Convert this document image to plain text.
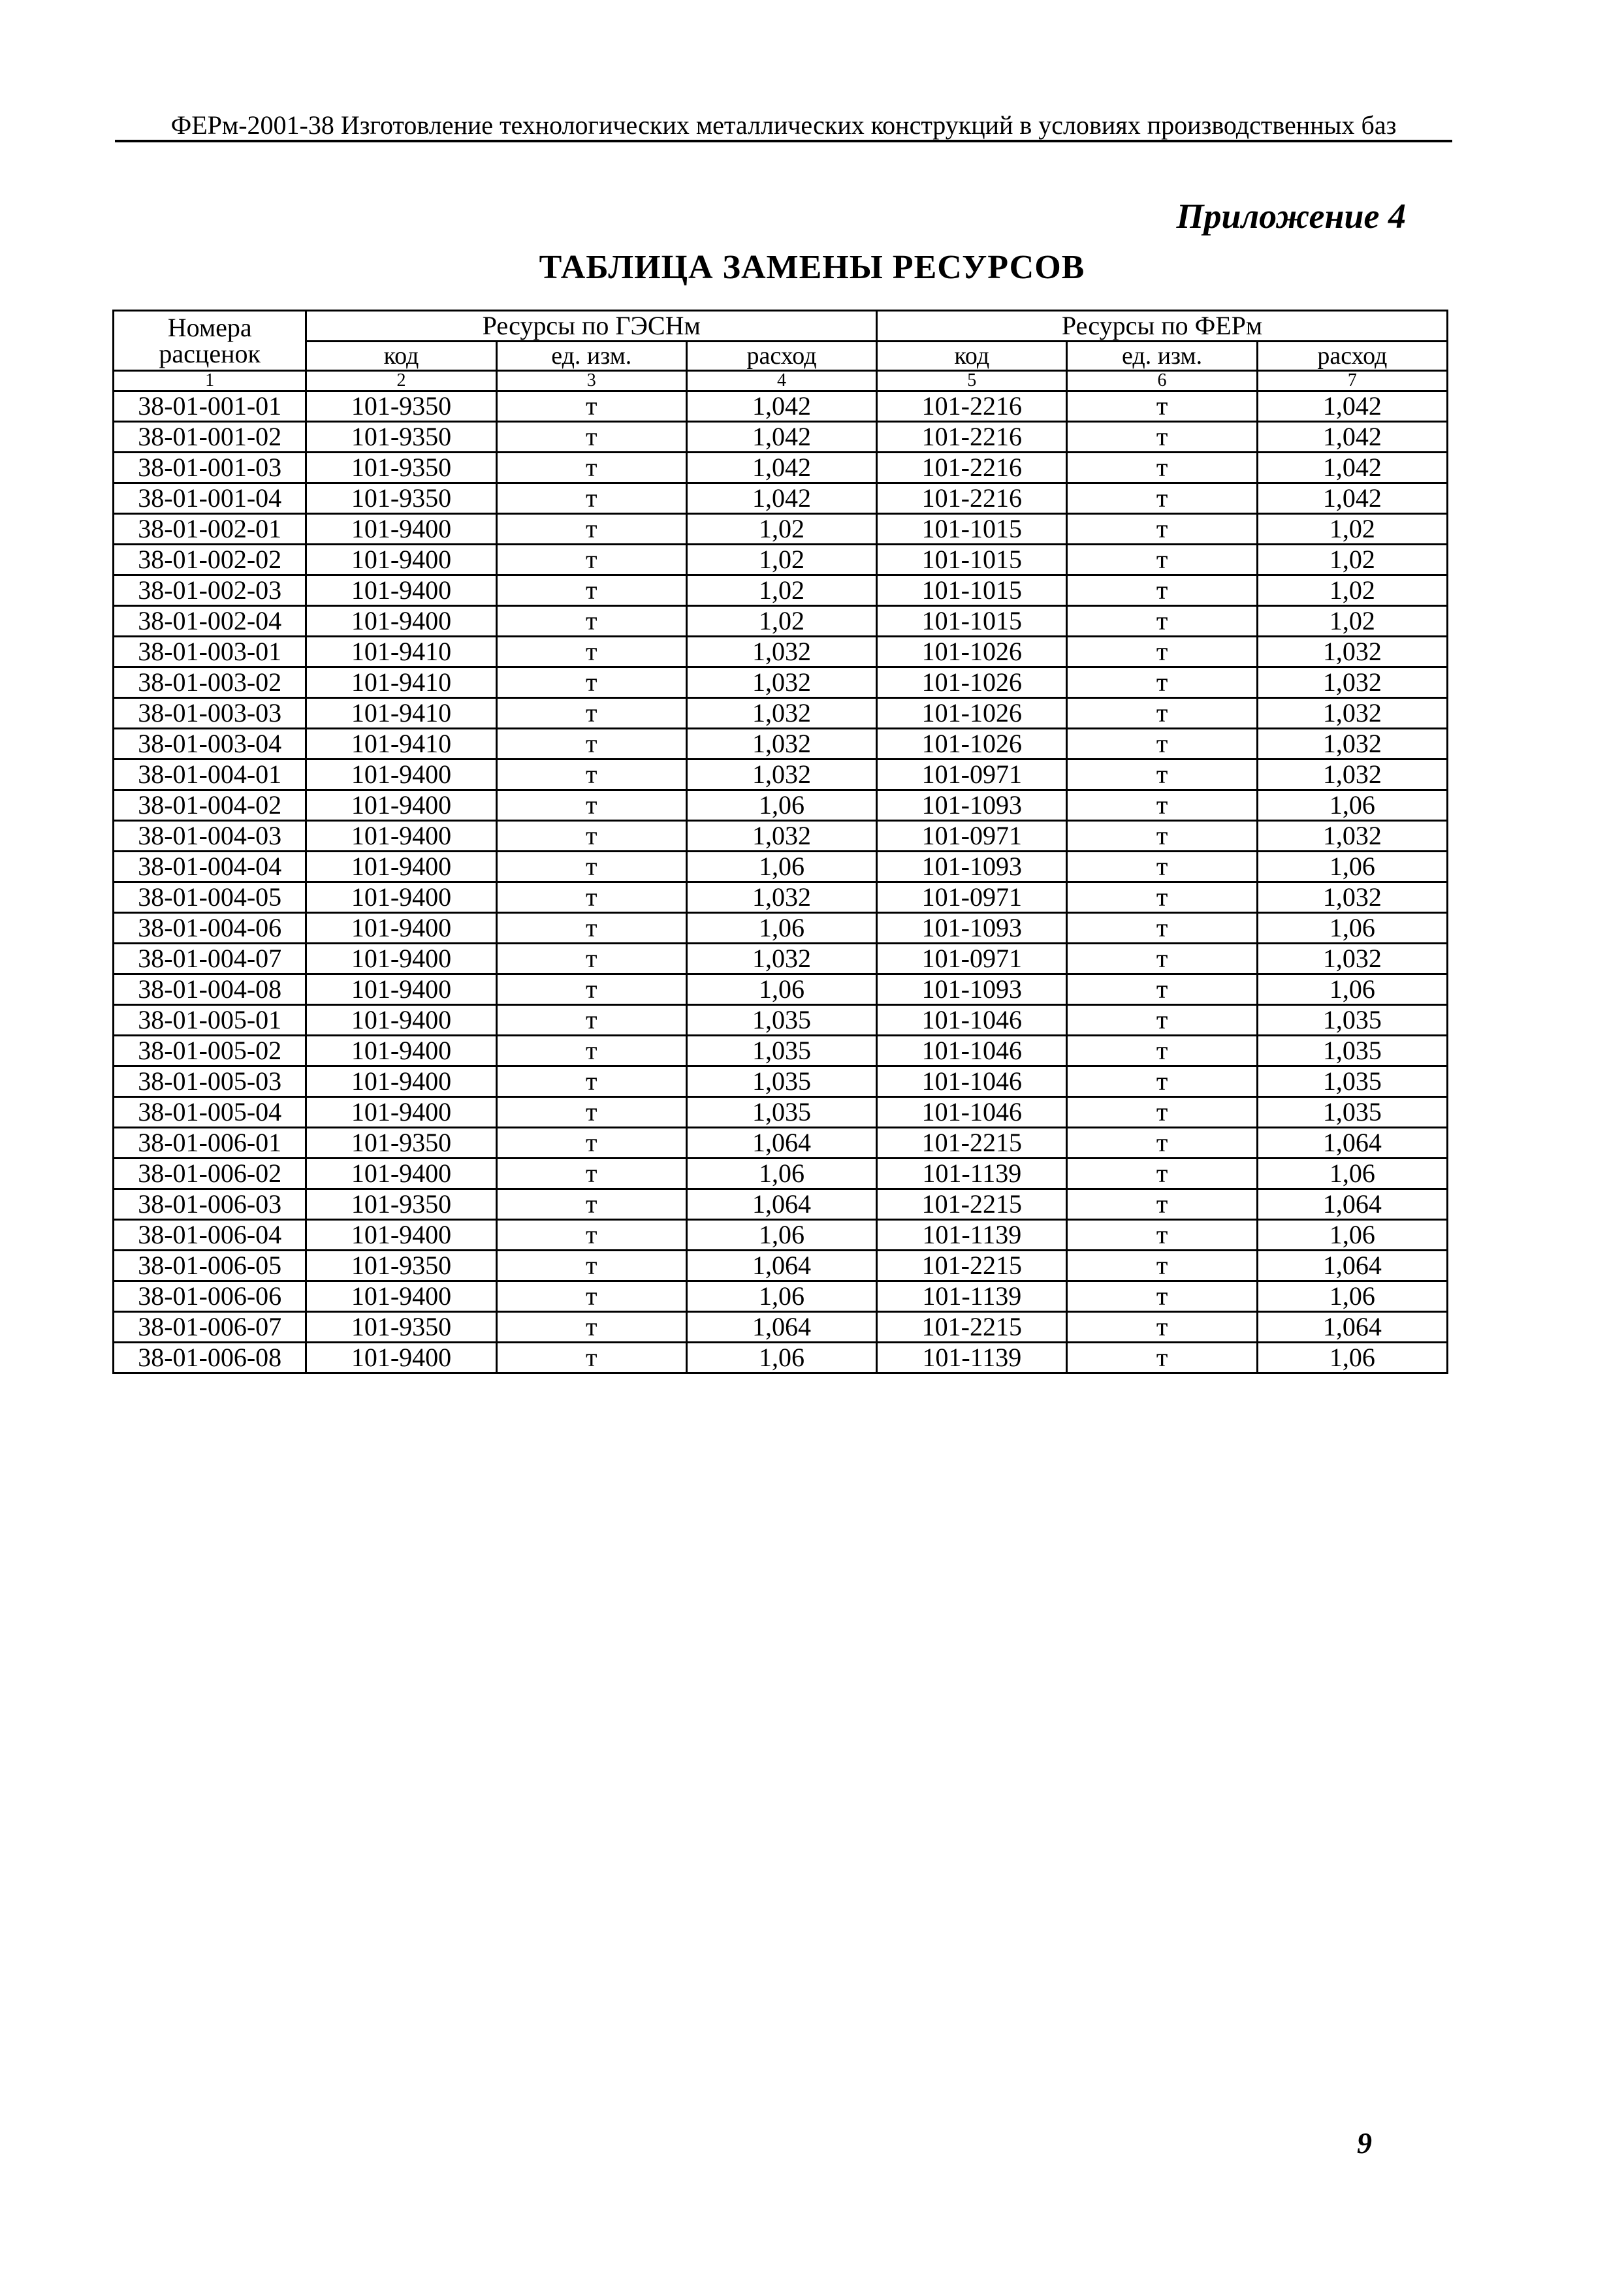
ФЕРм-2001-38 Изготовление технологических металлических конструкций в условиях производственных баз
Приложение 4
ТАБЛИЦА ЗАМЕНЫ РЕСУРСОВ
Номера расценок	Ресурсы по ГЭСНм			Ресурсы по ФЕРм		
	код	ед. изм.	расход	код	ед. изм.	расход
1	2	3	4	5	6	7
38-01-001-01	101-9350	т	1,042	101-2216	т	1,042
38-01-001-02	101-9350	т	1,042	101-2216	т	1,042
38-01-001-03	101-9350	т	1,042	101-2216	т	1,042
38-01-001-04	101-9350	т	1,042	101-2216	т	1,042
38-01-002-01	101-9400	т	1,02	101-1015	т	1,02
38-01-002-02	101-9400	т	1,02	101-1015	т	1,02
38-01-002-03	101-9400	т	1,02	101-1015	т	1,02
38-01-002-04	101-9400	т	1,02	101-1015	т	1,02
38-01-003-01	101-9410	т	1,032	101-1026	т	1,032
38-01-003-02	101-9410	т	1,032	101-1026	т	1,032
38-01-003-03	101-9410	т	1,032	101-1026	т	1,032
38-01-003-04	101-9410	т	1,032	101-1026	т	1,032
38-01-004-01	101-9400	т	1,032	101-0971	т	1,032
38-01-004-02	101-9400	т	1,06	101-1093	т	1,06
38-01-004-03	101-9400	т	1,032	101-0971	т	1,032
38-01-004-04	101-9400	т	1,06	101-1093	т	1,06
38-01-004-05	101-9400	т	1,032	101-0971	т	1,032
38-01-004-06	101-9400	т	1,06	101-1093	т	1,06
38-01-004-07	101-9400	т	1,032	101-0971	т	1,032
38-01-004-08	101-9400	т	1,06	101-1093	т	1,06
38-01-005-01	101-9400	т	1,035	101-1046	т	1,035
38-01-005-02	101-9400	т	1,035	101-1046	т	1,035
38-01-005-03	101-9400	т	1,035	101-1046	т	1,035
38-01-005-04	101-9400	т	1,035	101-1046	т	1,035
38-01-006-01	101-9350	т	1,064	101-2215	т	1,064
38-01-006-02	101-9400	т	1,06	101-1139	т	1,06
38-01-006-03	101-9350	т	1,064	101-2215	т	1,064
38-01-006-04	101-9400	т	1,06	101-1139	т	1,06
38-01-006-05	101-9350	т	1,064	101-2215	т	1,064
38-01-006-06	101-9400	т	1,06	101-1139	т	1,06
38-01-006-07	101-9350	т	1,064	101-2215	т	1,064
38-01-006-08	101-9400	т	1,06	101-1139	т	1,06
9
